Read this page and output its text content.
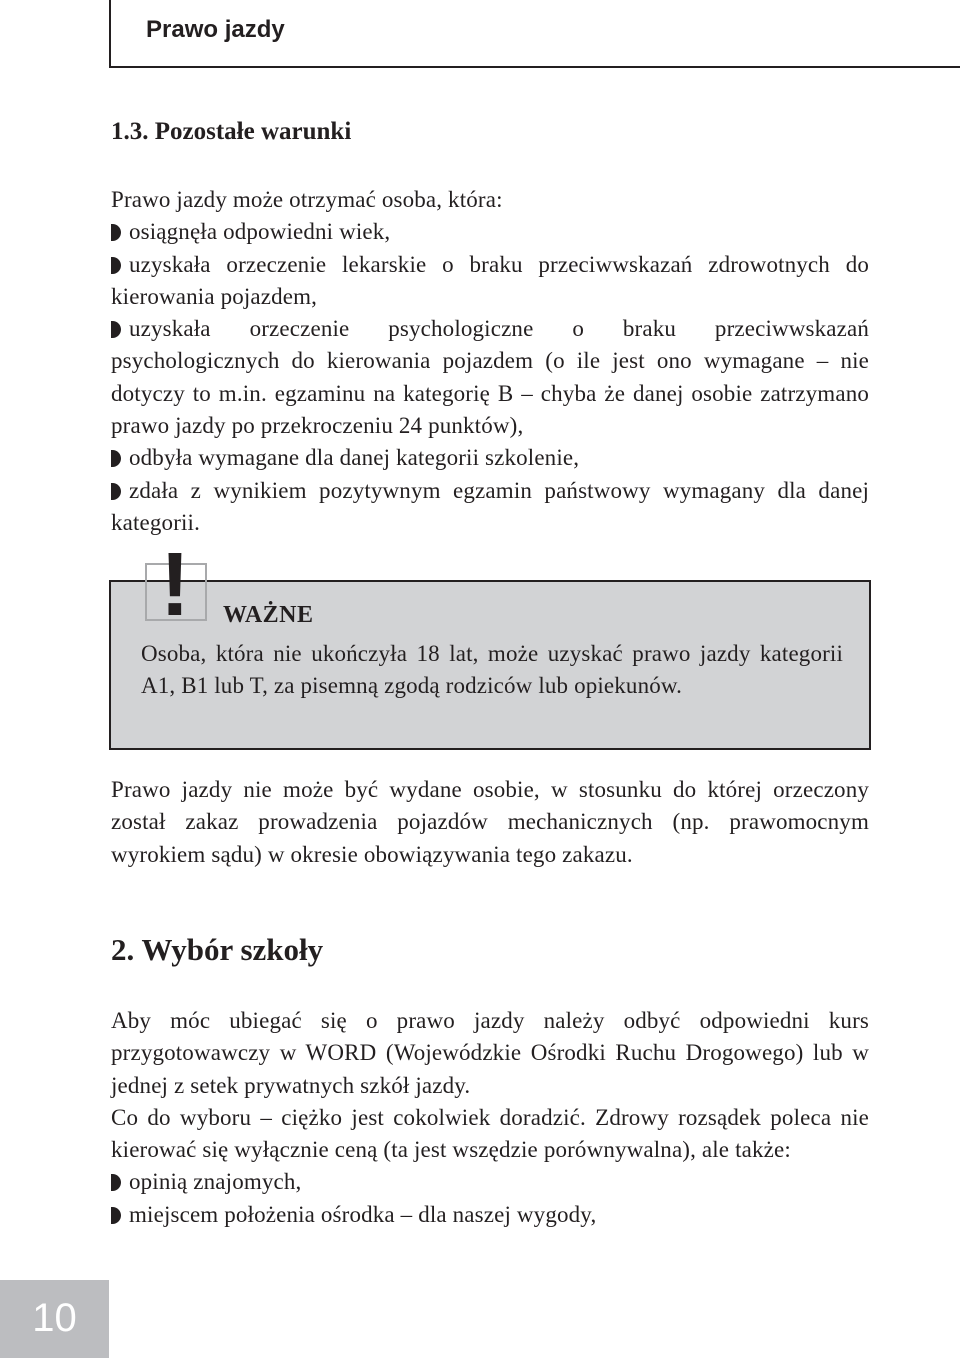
Prawo jazdy
1.3. Pozostałe warunki

Prawo jazdy może otrzymać osoba, która:

osiągnęła odpowiedni wiek,

uzyskała orzeczenie lekarskie o braku przeciwwskazań zdrowotnych do kierowania pojazdem,

uzyskała orzeczenie psychologiczne o braku przeciwwskazań psychologicznych do kierowania pojazdem (o ile jest ono wymagane – nie dotyczy to m.in. egzaminu na kategorię B – chyba że danej osobie zatrzymano prawo jazdy po przekroczeniu 24 punktów),

odbyła wymagane dla danej kategorii szkolenie,

zdała z wynikiem pozytywnym egzamin państwowy wymagany dla danej kategorii.

WAŻNE
Osoba, która nie ukończyła 18 lat, może uzyskać prawo jazdy kategorii A1, B1 lub T, za pisemną zgodą rodziców lub opiekunów.
!
Prawo jazdy nie może być wydane osobie, w stosunku do której orzeczony został zakaz prowadzenia pojazdów mechanicznych (np. prawomocnym wyrokiem sądu) w okresie obowiązywania tego zakazu.
2. Wybór szkoły

Aby móc ubiegać się o prawo jazdy należy odbyć odpowiedni kurs przygotowawczy w WORD (Wojewódzkie Ośrodki Ruchu Drogowego) lub w jednej z setek prywatnych szkół jazdy.

Co do wyboru – ciężko jest cokolwiek doradzić. Zdrowy rozsądek poleca nie kierować się wyłącznie ceną (ta jest wszędzie porównywalna), ale także:

opinią znajomych,

miejscem położenia ośrodka – dla naszej wygody,

10
